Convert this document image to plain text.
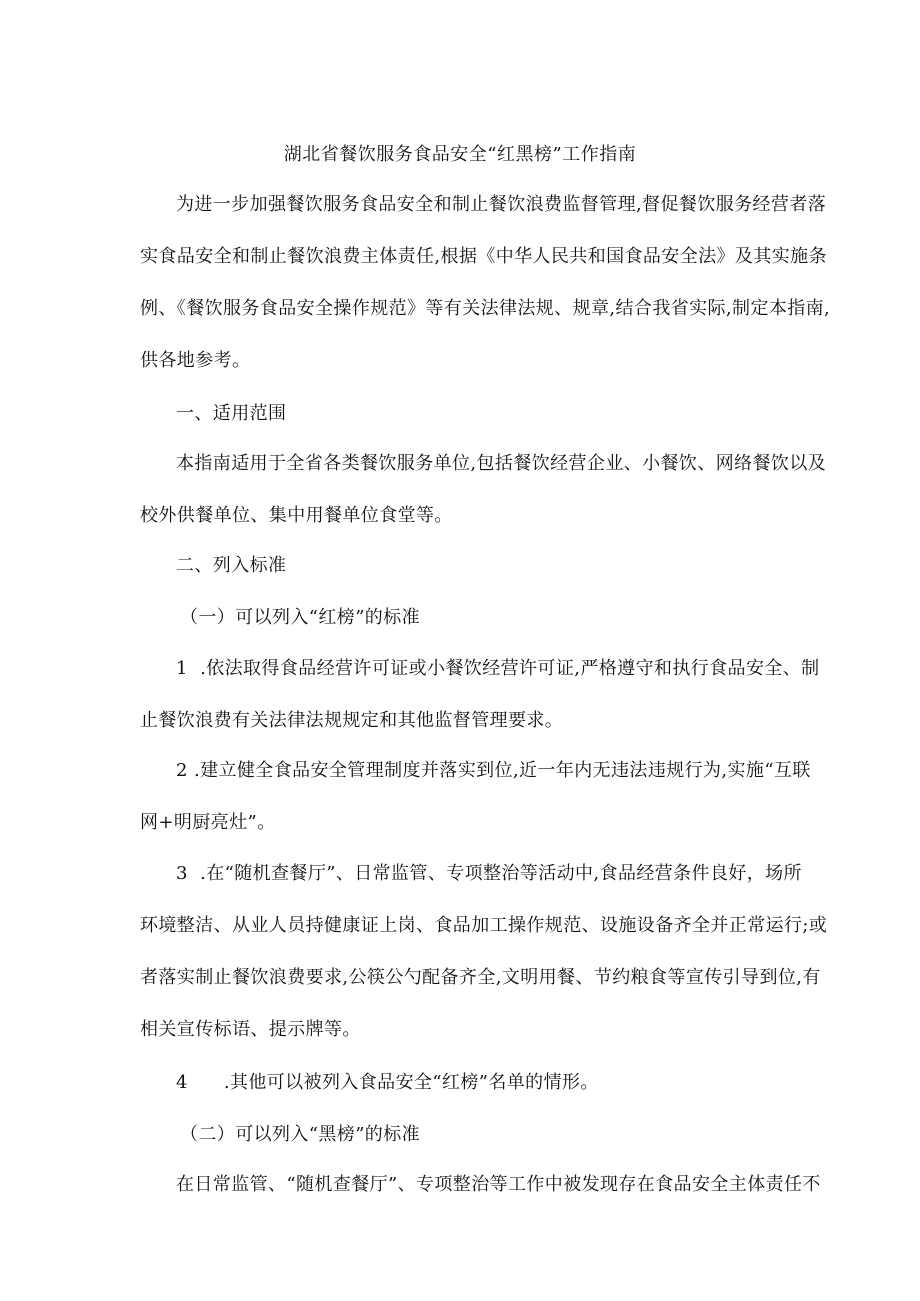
湖北省餐饮服务食品安全“红黑榜”工作指南
为进一步加强餐饮服务食品安全和制止餐饮浪费监督管理,督促餐饮服务经营者落
实食品安全和制止餐饮浪费主体责任,根据《中华人民共和国食品安全法》及其实施条
例、《餐饮服务食品安全操作规范》等有关法律法规、规章,结合我省实际,制定本指南,
供各地参考。
一、适用范围
本指南适用于全省各类餐饮服务单位,包括餐饮经营企业、小餐饮、网络餐饮以及
校外供餐单位、集中用餐单位食堂等。
二、列入标准
（一）可以列入“红榜”的标准
1 .依法取得食品经营许可证或小餐饮经营许可证,严格遵守和执行食品安全、制
止餐饮浪费有关法律法规规定和其他监督管理要求。
2 .建立健全食品安全管理制度并落实到位,近一年内无违法违规行为,实施“互联
网+明厨亮灶”。
3 .在“随机查餐厅”、日常监管、专项整治等活动中,食品经营条件良好，场所
环境整洁、从业人员持健康证上岗、食品加工操作规范、设施设备齐全并正常运行;或
者落实制止餐饮浪费要求,公筷公勺配备齐全,文明用餐、节约粮食等宣传引导到位,有
相关宣传标语、提示牌等。
4 .其他可以被列入食品安全“红榜”名单的情形。
（二）可以列入“黑榜”的标准
在日常监管、“随机查餐厅”、专项整治等工作中被发现存在食品安全主体责任不
